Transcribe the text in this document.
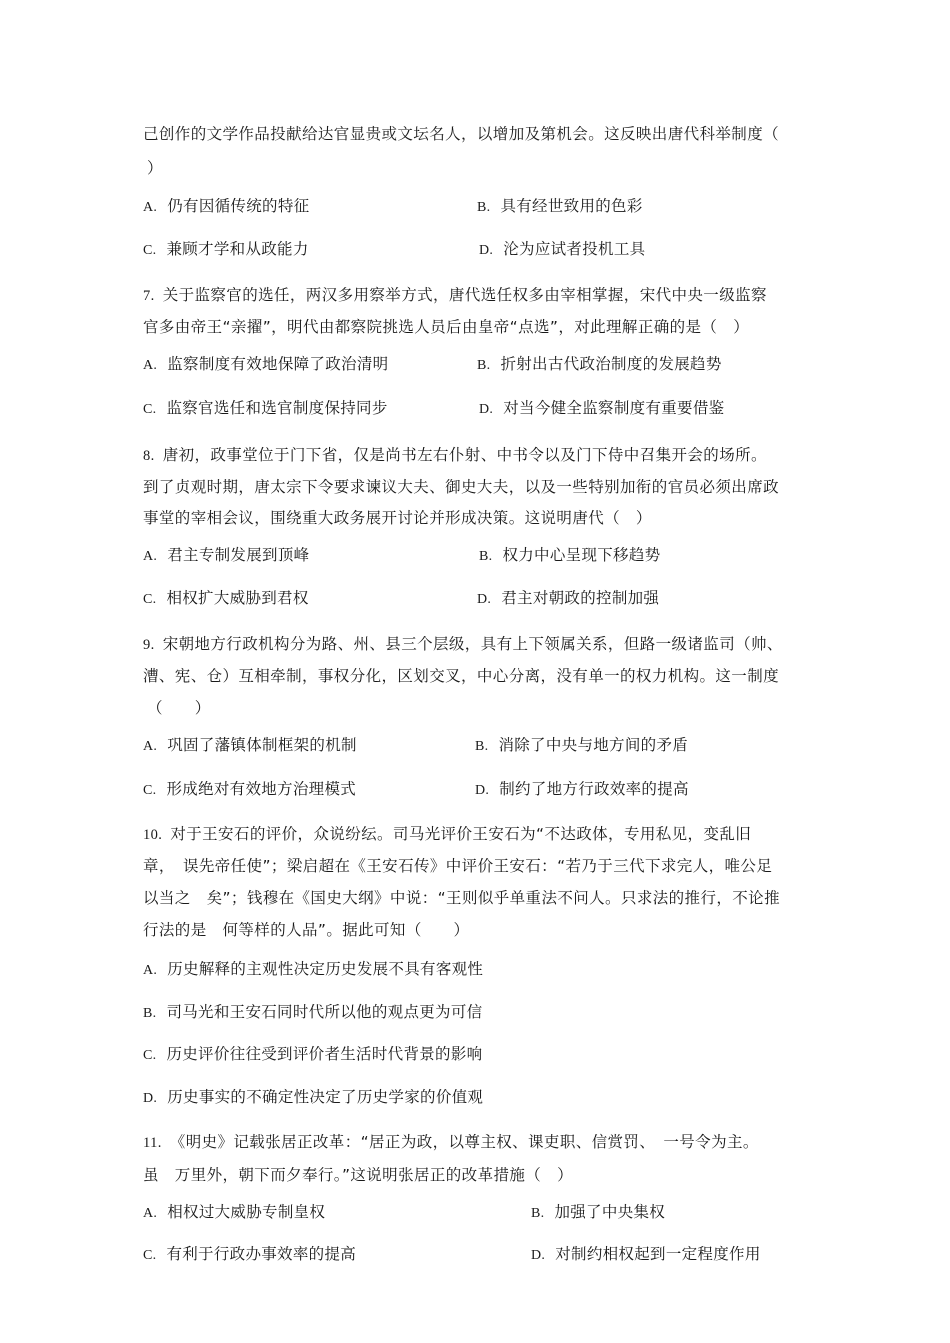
己创作的文学作品投献给达官显贵或文坛名人，以增加及第机会。这反映出唐代科举制度（
）
A. 仍有因循传统的特征	B. 具有经世致用的色彩
C. 兼顾才学和从政能力	D. 沦为应试者投机工具
7. 关于监察官的选任，两汉多用察举方式，唐代选任权多由宰相掌握，宋代中央一级监察
官多由帝王“亲擢”，明代由都察院挑选人员后由皇帝“点选”，对此理解正确的是（　）
A. 监察制度有效地保障了政治清明	B. 折射出古代政治制度的发展趋势
C. 监察官选任和选官制度保持同步	D. 对当今健全监察制度有重要借鉴
8. 唐初，政事堂位于门下省，仅是尚书左右仆射、中书令以及门下侍中召集开会的场所。
到了贞观时期，唐太宗下令要求谏议大夫、御史大夫，以及一些特别加衔的官员必须出席政
事堂的宰相会议，围绕重大政务展开讨论并形成决策。这说明唐代（　）
A. 君主专制发展到顶峰	B. 权力中心呈现下移趋势
C. 相权扩大威胁到君权	D. 君主对朝政的控制加强
9. 宋朝地方行政机构分为路、州、县三个层级，具有上下领属关系，但路一级诸监司（帅、
漕、宪、仓）互相牵制，事权分化，区划交叉，中心分离，没有单一的权力机构。这一制度
（　　）
A. 巩固了藩镇体制框架的机制	B. 消除了中央与地方间的矛盾
C. 形成绝对有效地方治理模式	D. 制约了地方行政效率的提高
10. 对于王安石的评价，众说纷纭。司马光评价王安石为“不达政体，专用私见，变乱旧
章，　误先帝任使”；梁启超在《王安石传》中评价王安石：“若乃于三代下求完人，唯公足
以当之　矣”；钱穆在《国史大纲》中说：“王则似乎单重法不问人。只求法的推行，不论推
行法的是　何等样的人品”。据此可知（　　）
A. 历史解释的主观性决定历史发展不具有客观性
B. 司马光和王安石同时代所以他的观点更为可信
C. 历史评价往往受到评价者生活时代背景的影响
D. 历史事实的不确定性决定了历史学家的价值观
11. 《明史》记载张居正改革：“居正为政，以尊主权、课吏职、信赏罚、　一号令为主。
虽　万里外，朝下而夕奉行。”这说明张居正的改革措施（　）
A. 相权过大威胁专制皇权	B. 加强了中央集权
C. 有利于行政办事效率的提高	D. 对制约相权起到一定程度作用
